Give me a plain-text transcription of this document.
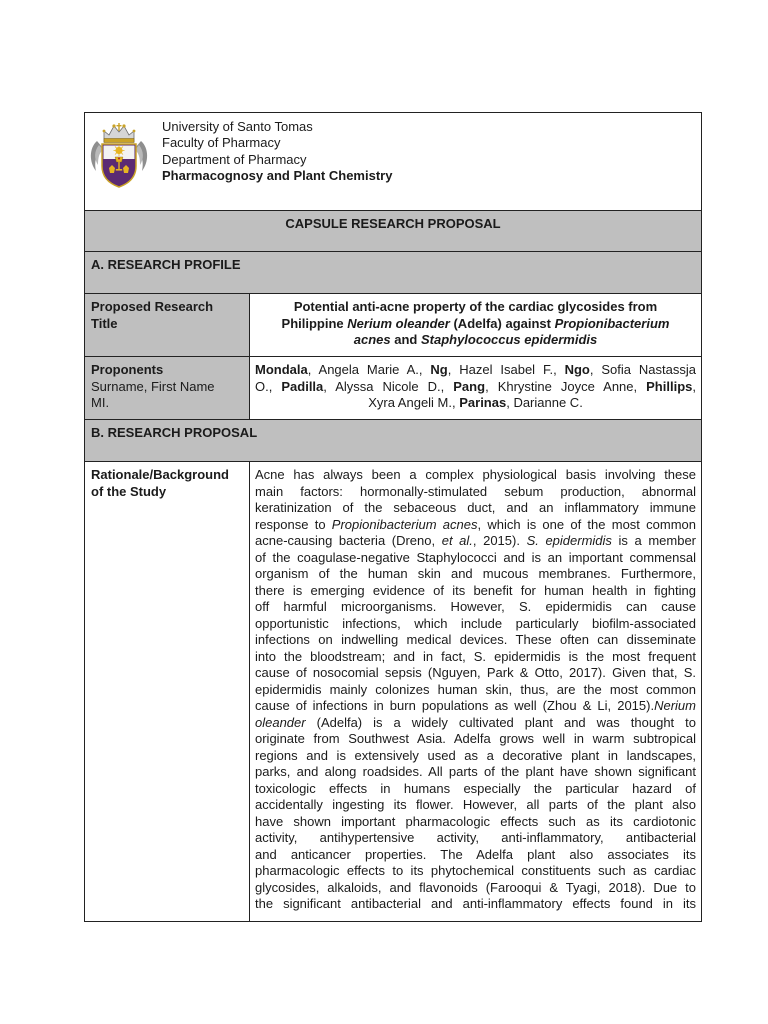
University of Santo Tomas
Faculty of Pharmacy
Department of Pharmacy
Pharmacognosy and Plant Chemistry
CAPSULE RESEARCH PROPOSAL
A. RESEARCH PROFILE
Proposed Research
Title
Potential anti-acne property of the cardiac glycosides from
Philippine Nerium oleander (Adelfa) against Propionibacterium
acnes and Staphylococcus epidermidis
Proponents
Surname, First Name
MI.
Mondala, Angela Marie A., Ng, Hazel Isabel F., Ngo, Sofia Nastassja
O., Padilla, Alyssa Nicole D., Pang, Khrystine Joyce Anne, Phillips,
Xyra Angeli M., Parinas, Darianne C.
B. RESEARCH PROPOSAL
Rationale/Background
of the Study
Acne has always been a complex physiological basis involving these
main factors: hormonally-stimulated sebum production, abnormal
keratinization of the sebaceous duct, and an inflammatory immune
response to Propionibacterium acnes, which is one of the most common
acne-causing bacteria (Dreno, et al., 2015). S. epidermidis is a member
of the coagulase-negative Staphylococci and is an important commensal
organism of the human skin and mucous membranes. Furthermore,
there is emerging evidence of its benefit for human health in fighting
off harmful microorganisms. However, S. epidermidis can cause
opportunistic infections, which include particularly biofilm-associated
infections on indwelling medical devices. These often can disseminate
into the bloodstream; and in fact, S. epidermidis is the most frequent
cause of nosocomial sepsis (Nguyen, Park & Otto, 2017). Given that, S.
epidermidis mainly colonizes human skin, thus, are the most common
cause of infections in burn populations as well (Zhou & Li, 2015).Nerium
oleander (Adelfa) is a widely cultivated plant and was thought to
originate from Southwest Asia. Adelfa grows well in warm subtropical
regions and is extensively used as a decorative plant in landscapes,
parks, and along roadsides. All parts of the plant have shown significant
toxicologic effects in humans especially the particular hazard of
accidentally ingesting its flower. However, all parts of the plant also
have shown important pharmacologic effects such as its cardiotonic
activity, antihypertensive activity, anti-inflammatory, antibacterial
and anticancer properties. The Adelfa plant also associates its
pharmacologic effects to its phytochemical constituents such as cardiac
glycosides, alkaloids, and flavonoids (Farooqui & Tyagi, 2018). Due to
the significant antibacterial and anti-inflammatory effects found in its
